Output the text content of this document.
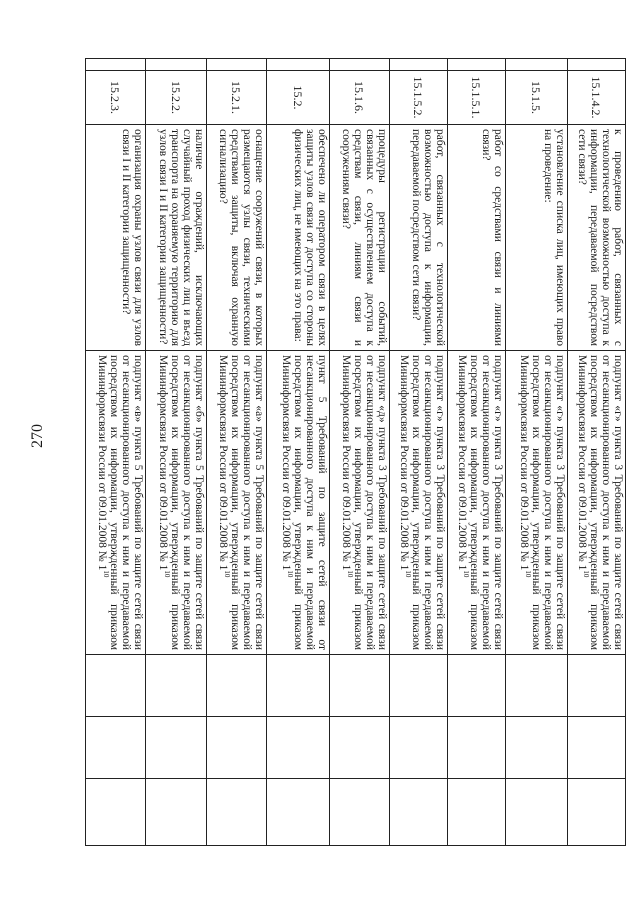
270
	15.1.4.2.	к проведению работ, связанных с технологической возможностью доступа к информации, передаваемой посредством сети связи?	подпункт «г» пункта 3 Требований по защите сетей связи от несанкционированного доступа к ним и передаваемой посредством их информации, утвержденный приказом Мининформсвязи России от 09.01.2008 № $1^{10}$			
	15.1.5.	установление списка лиц, имеющих право на проведение:	подпункт «г» пункта 3 Требований по защите сетей связи от несанкционированного доступа к ним и передаваемой посредством их информации, утвержденный приказом Мининформсвязи России от 09.01.2008 № $1^{10}$			
	15.1.5.1.	работ со средствами связи и линиями связи?	подпункт «г» пункта 3 Требований по защите сетей связи от несанкционированного доступа к ним и передаваемой посредством их информации, утвержденный приказом Мининформсвязи России от 09.01.2008 № $1^{10}$			
	15.1.5.2.	работ, связанных с технологической возможностью доступа к информации, передаваемой посредством сети связи?	подпункт «г» пункта 3 Требований по защите сетей связи от несанкционированного доступа к ним и передаваемой посредством их информации, утвержденный приказом Мининформсвязи России от 09.01.2008 № $1^{10}$			
	15.1.6.	процедуры регистрации событий, связанных с осуществлением доступа к средствам связи, линиям связи и сооружениям связи?	подпункт «д» пункта 3 Требований по защите сетей связи от несанкционированного доступа к ним и передаваемой посредством их информации, утвержденный приказом Мининформсвязи России от 09.01.2008 № $1^{10}$			
	15.2.	обеспечено ли оператором связи в целях защиты узлов связи от доступа со стороны физических лиц, не имеющих на это права:	пункт 5 Требований по защите сетей связи от несанкционированного доступа к ним и передаваемой посредством их информации, утвержденный приказом Мининформсвязи России от 09.01.2008 № $1^{10}$			
	15.2.1.	оснащение сооружений связи, в которых размещаются узлы связи, техническими средствами защиты, включая охранную сигнализацию?	подпункт «а» пункта 5 Требований по защите сетей связи от несанкционированного доступа к ним и передаваемой посредством их информации, утвержденный приказом Мининформсвязи России от 09.01.2008 № $1^{10}$			
	15.2.2.	наличие ограждений, исключающих случайный проход физических лиц и въезд транспорта на охраняемую территорию для узлов связи I и II категории защищенности?	подпункт «б» пункта 5 Требований по защите сетей связи от несанкционированного доступа к ним и передаваемой посредством их информации, утвержденный приказом Мининформсвязи России от 09.01.2008 № $1^{10}$			
	15.2.3.	организация охраны узлов связи для узлов связи I и II категории защищенности?	подпункт «в» пункта 5 Требований по защите сетей связи от несанкционированного доступа к ним и передаваемой посредством их информации, утвержденный приказом Мининформсвязи России от 09.01.2008 № $1^{10}$			
